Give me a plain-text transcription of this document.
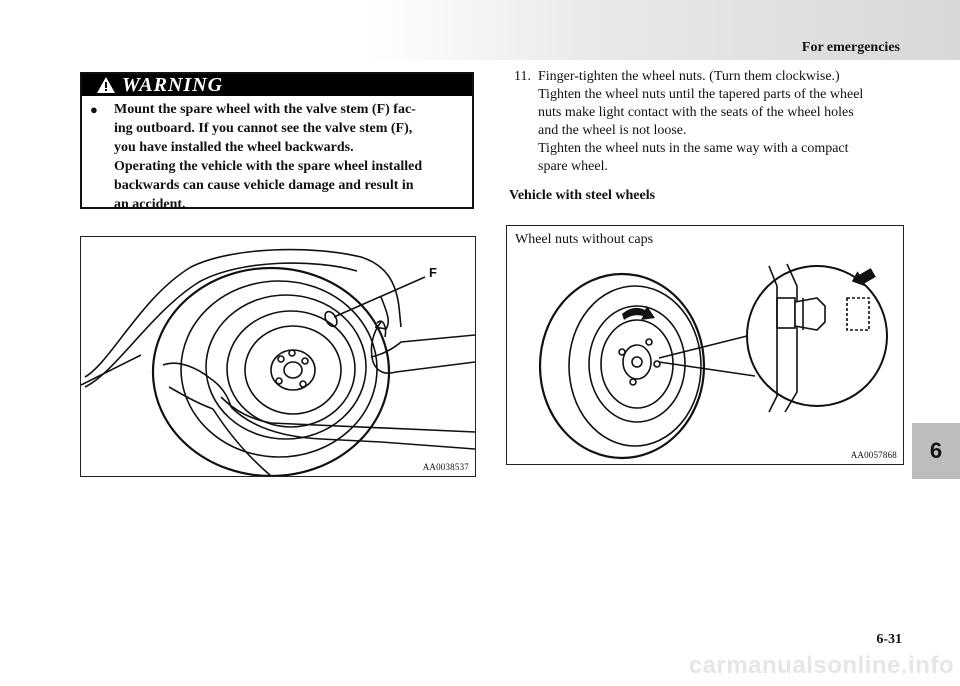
For emergencies
WARNING
● Mount the spare wheel with the valve stem (F) fac-

ing outboard. If you cannot see the valve stem (F),

you have installed the wheel backwards.

Operating the vehicle with the spare wheel installed

backwards can cause vehicle damage and result in

an accident.

F
AA0038537
11. Finger-tighten the wheel nuts. (Turn them clockwise.)

Tighten the wheel nuts until the tapered parts of the wheel

nuts make light contact with the seats of the wheel holes

and the wheel is not loose.

Tighten the wheel nuts in the same way with a compact

spare wheel.

Vehicle with steel wheels
Wheel nuts without caps
AA0057868	6
6-31
carmanualsonline.info
